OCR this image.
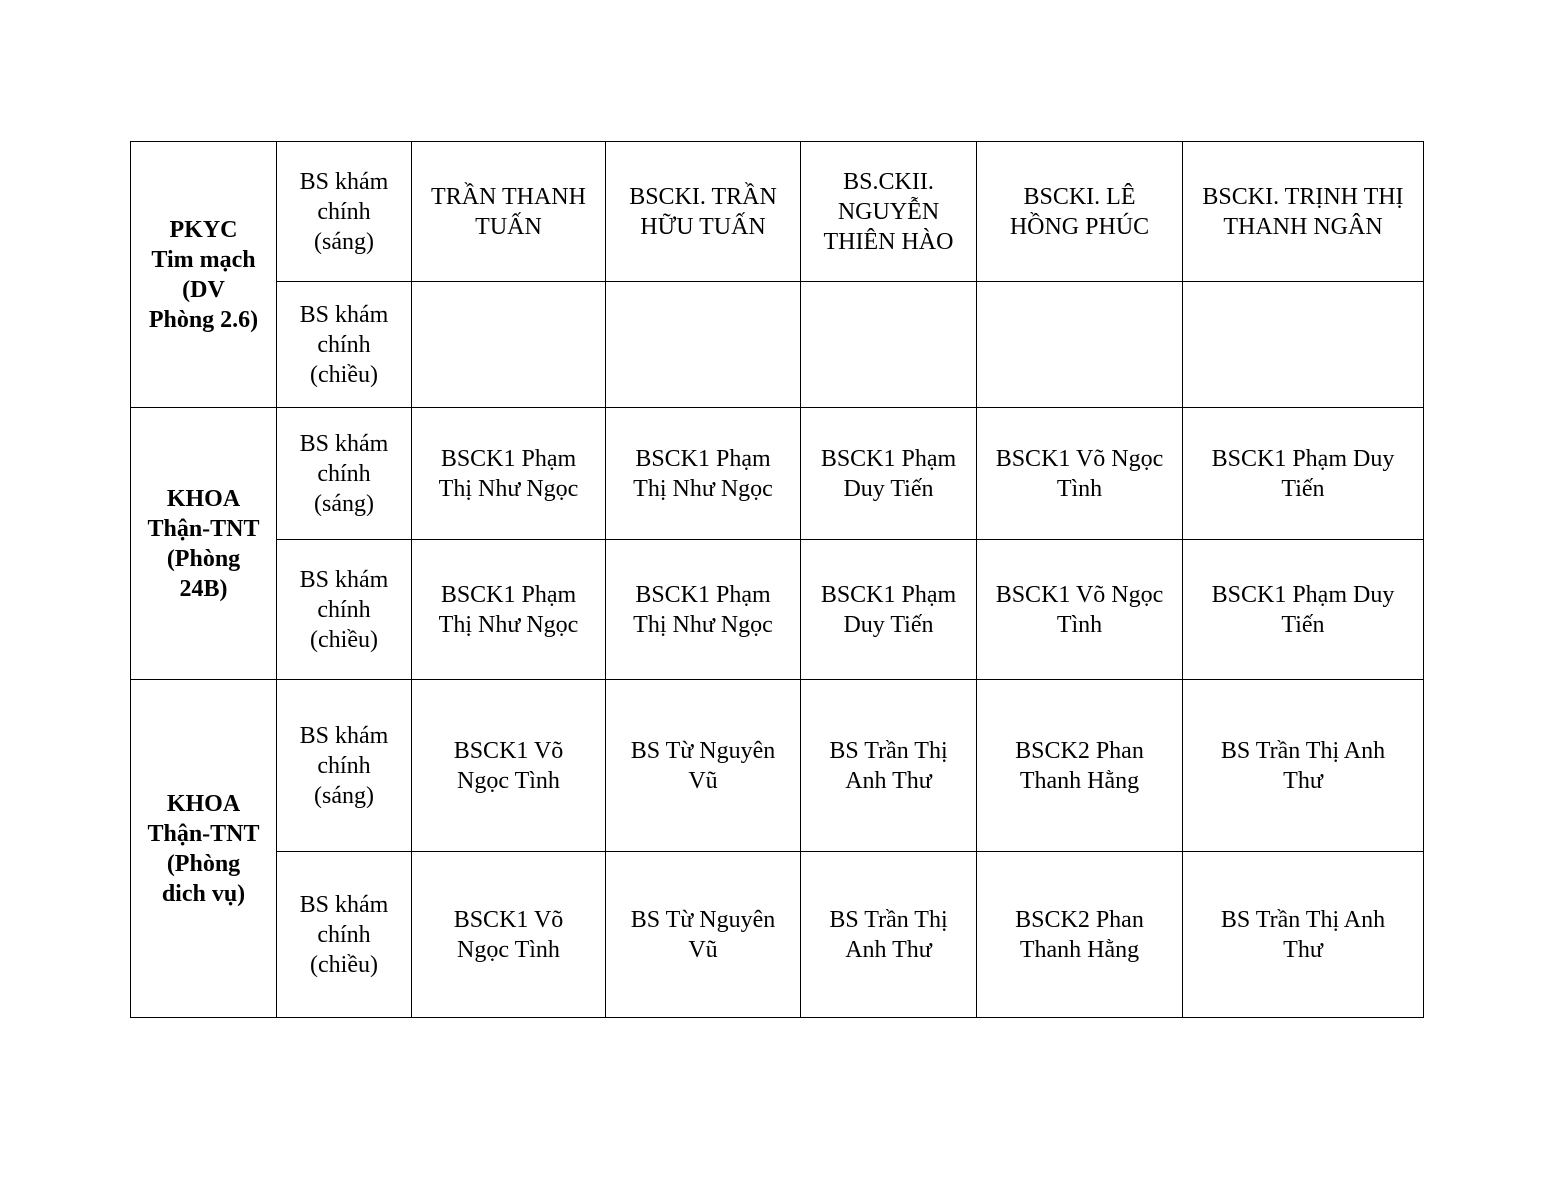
PKYC
Tim mạch
(DV
Phòng 2.6)	BS khám
chính
(sáng)	TRẦN THANH
TUẤN	BSCKI. TRẦN
HỮU TUẤN	BS.CKII.
NGUYỄN
THIÊN HÀO	BSCKI. LÊ
HỒNG PHÚC	BSCKI. TRỊNH THỊ
THANH NGÂN
	BS khám
chính
(chiều)					
KHOA
Thận-TNT
(Phòng
24B)	BS khám
chính
(sáng)	BSCK1 Phạm
Thị Như Ngọc	BSCK1 Phạm
Thị Như Ngọc	BSCK1 Phạm
Duy Tiến	BSCK1 Võ Ngọc
Tình	BSCK1 Phạm Duy
Tiến
	BS khám
chính
(chiều)	BSCK1 Phạm
Thị Như Ngọc	BSCK1 Phạm
Thị Như Ngọc	BSCK1 Phạm
Duy Tiến	BSCK1 Võ Ngọc
Tình	BSCK1 Phạm Duy
Tiến
KHOA
Thận-TNT
(Phòng
dich vụ)	BS khám
chính
(sáng)	BSCK1 Võ
Ngọc Tình	BS Từ Nguyên
Vũ	BS Trần Thị
Anh Thư	BSCK2 Phan
Thanh Hằng	BS Trần Thị Anh
Thư
	BS khám
chính
(chiều)	BSCK1 Võ
Ngọc Tình	BS Từ Nguyên
Vũ	BS Trần Thị
Anh Thư	BSCK2 Phan
Thanh Hằng	BS Trần Thị Anh
Thư
